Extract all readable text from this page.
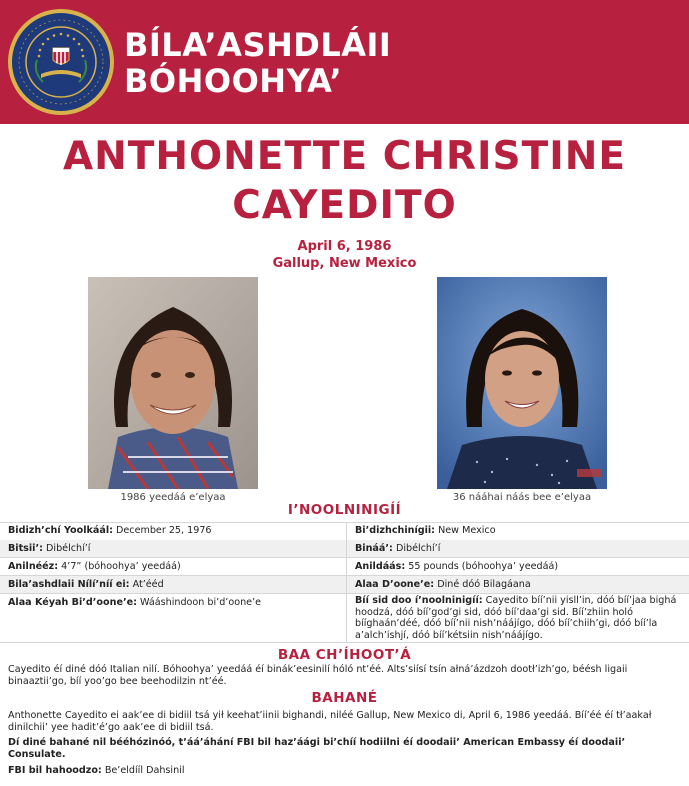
BÍLA’ASHDLÁII
BÓHOOHYA’
ANTHONETTE CHRISTINE
CAYEDITO
April 6, 1986
Gallup, New Mexico
1986 yeedáá e’elyaa	36 nááhai náás bee e’elyaa
I’NOOLNINIGÍÍ
Bidizh’chí Yoolkáál: December 25, 1976	Bi’dizhchinígii: New Mexico
Bitsii’: Dibélchí’í	Bináá’: Dibélchí’í
Anilnééz: 4’7” (bóhoohya’ yeedáá)	Anildáás: 55 pounds (bóhoohya’ yeedáá)
Bila’ashdlaii Nílí’níí ei: At’ééd	Alaa D’oone’e: Diné dóó Bilagáana
Alaa Kéyah Bi’d’oone’e: Wááshindoon bi’d’oone’e	Bíí sid doo í’noolninigíí: Cayedito bíí’nii yisll’in, dóó bíí’jaa bighá hoodzá, dóó bíí’god’gi sid, dóó bíí’daa’gi sid. Bíí’zhiin holó bííghaán’déé, dóó bíí’nii nish’náájígo, dóó bíí’chiih’gi, dóó bíí’la a’alch’ishjí, dóó bíí’kétsiin nish’náájígo.
BAA CH’ÍHOOT’Á
Cayedito éí diné dóó Italian nilí. Bóhoohya’ yeedáá éí binák’eesinilí hóló nt’éé. Alts’siísí tsín ałná’ázdzoh dootł’izh’go, béésh ligaii binaaztii’go, bíí yoo’go bee beehodilzin nt’éé.
BAHANÉ
Anthonette Cayedito ei aak’ee di bidiil tsá yił keehat’iinii bighandi, niléé Gallup, New Mexico di, April 6, 1986 yeedáá. Bíí’éé éí tł’aakał dinilchii’ yee hadit’é’go aak’ee di bidiil tsá.
Dí diné bahané nil bééhózinóó, t’áá’áhání FBI bil haz’áági bi’chíí hodiilni éí doodaii’ American Embassy éí doodaii’ Consulate.
FBI bil hahoodzo: Be’eldííl Dahsinil
